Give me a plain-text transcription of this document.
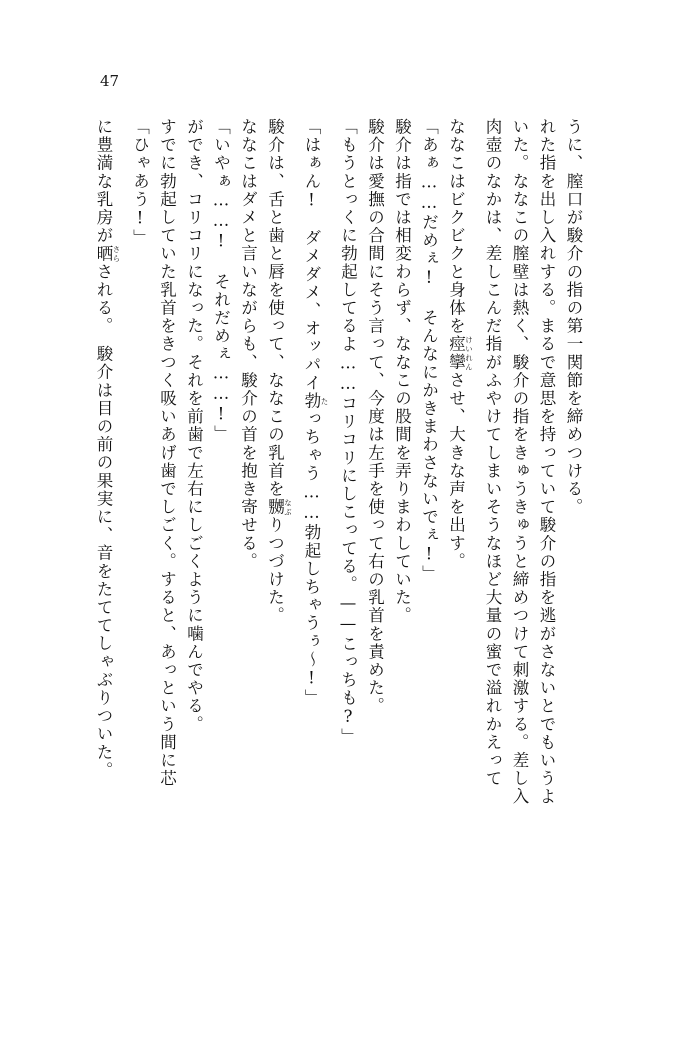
47
に豊満な乳房が晒 さらされる。　駿介は目の前の果実に、音をたててしゃぶりついた。
「ひゃあう!」 すでに勃起していた乳首をきつく吸いあげ歯でしごく。すると、あっという間に芯 ができ、コリコリになった。それを前歯で左右にしごくように噛んでやる。 「いやぁ……! それだめぇ……!」 ななこはダメと言いながらも、駿介の首を抱き寄せる。 駿介は、舌と歯と唇を使って、ななこの乳首を嬲 なぶりつづけた。
「はぁん!　ダメダメ、オッパイ勃 たっちゃう……勃起しちゃうぅ〜!」	「もうとっくに勃起してるよ……コリコリにしこってる。——こっちも?」 駿介は愛撫の合間にそう言って、今度は左手を使って右の乳首を責めた。 駿介は指では相変わらず、ななこの股間を弄りまわしていた。 「あぁ……だめぇ! そんなにかきまわさないでぇ!」 ななこはビクビクと身体を痙攣 けいれんさせ、大きな声を出す。	肉壺のなかは、差しこんだ指がふやけてしまいそうなほど大量の蜜で溢れかえって いた。ななこの膣壁は熱く、駿介の指をきゅうきゅうと締めつけて刺激する。差し入 れた指を出し入れする。まるで意思を持っていて駿介の指を逃がさないとでもいうよ うに、膣口が駿介の指の第一関節を締めつける。
